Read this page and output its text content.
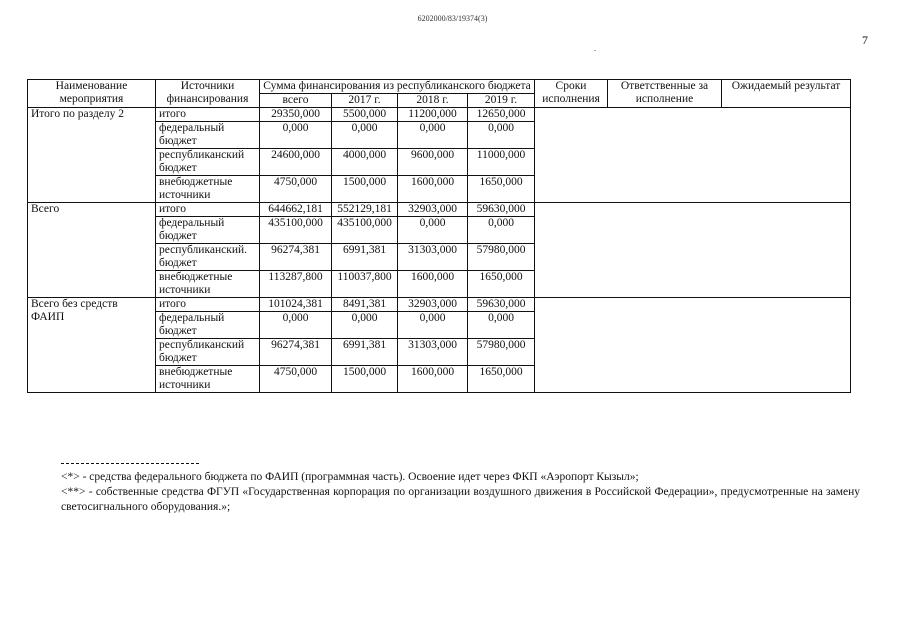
6202000/83/19374(3)
7
.
Наименование мероприятия	Источники финансирования	Сумма финансирования из республиканского бюджета				Сроки исполнения	Ответственные за исполнение	Ожидаемый результат
		всего	2017 г.	2018 г.	2019 г.			
Итого по разделу 2	итого	29350,000	5500,000	11200,000	12650,000			
	федеральный бюджет	0,000	0,000	0,000	0,000			
	республиканский бюджет	24600,000	4000,000	9600,000	11000,000			
	внебюджетные источники	4750,000	1500,000	1600,000	1650,000			
Всего	итого	644662,181	552129,181	32903,000	59630,000			
	федеральный бюджет	435100,000	435100,000	0,000	0,000			
	республиканский. бюджет	96274,381	6991,381	31303,000	57980,000			
	внебюджетные источники	113287,800	110037,800	1600,000	1650,000			
Всего без средств ФАИП	итого	101024,381	8491,381	32903,000	59630,000			
	федеральный бюджет	0,000	0,000	0,000	0,000			
	республиканский бюджет	96274,381	6991,381	31303,000	57980,000			
	внебюджетные источники	4750,000	1500,000	1600,000	1650,000			
<*> - средства федерального бюджета по ФАИП (программная часть). Освоение идет через ФКП «Аэропорт Кызыл»;
<**> - собственные средства ФГУП «Государственная корпорация по организации воздушного движения в Российской Федерации», предусмотренные на замену светосигнального оборудования.»;
